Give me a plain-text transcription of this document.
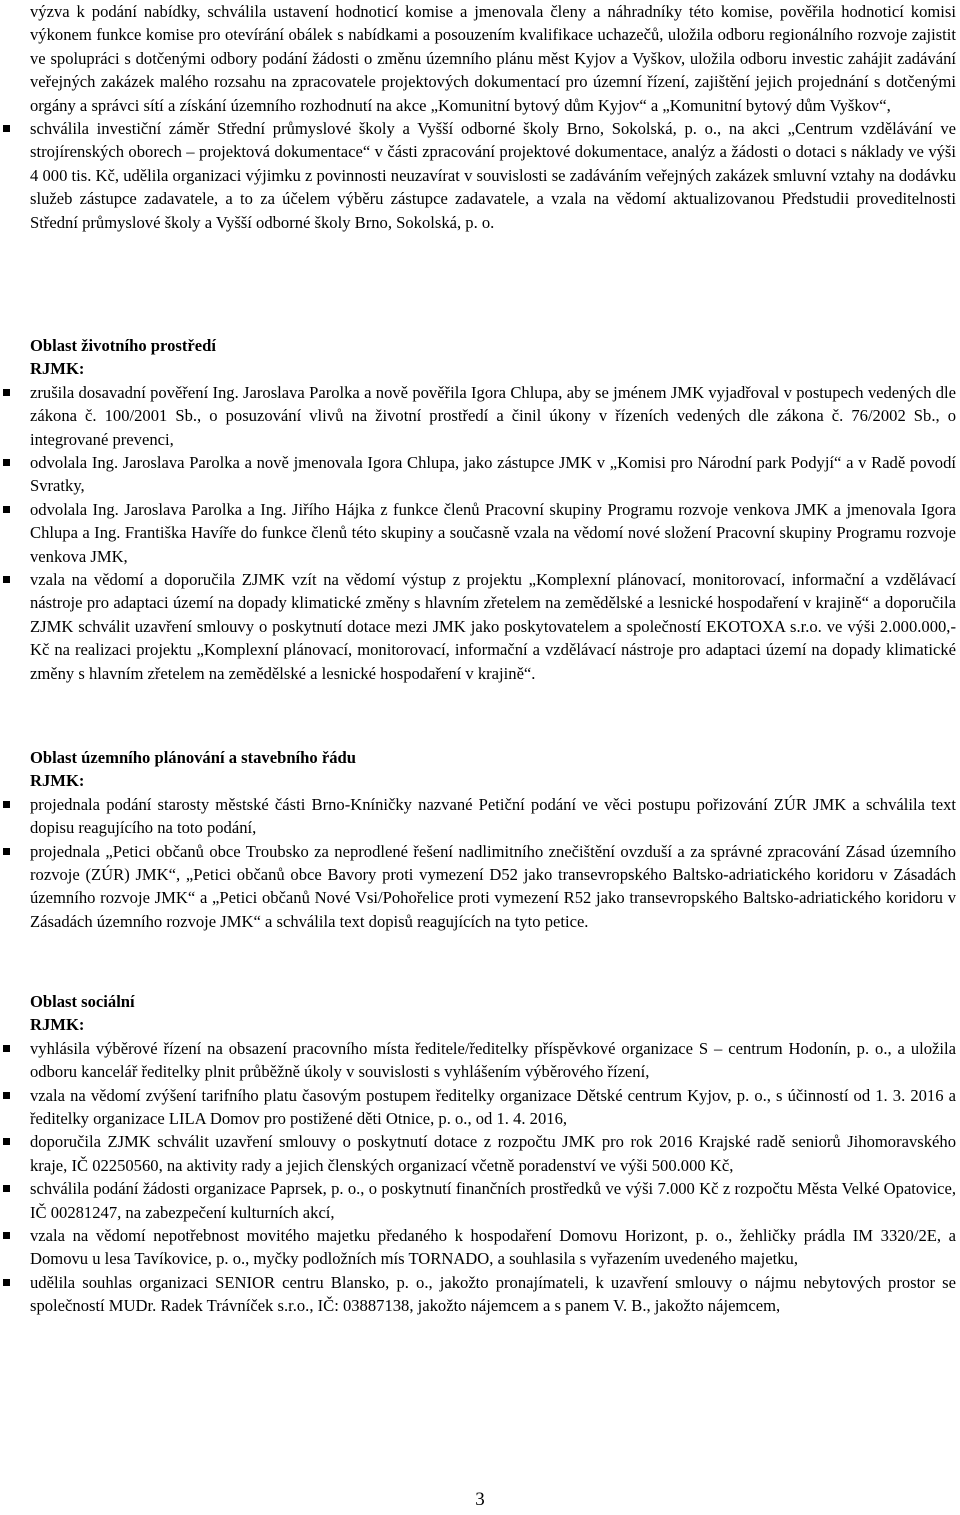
výzva k podání nabídky, schválila ustavení hodnoticí komise a jmenovala členy a náhradníky této komise, pověřila hodnoticí komisi výkonem funkce komise pro otevírání obálek s nabídkami a posouzením kvalifikace uchazečů, uložila odboru regionálního rozvoje zajistit ve spolupráci s dotčenými odbory podání žádosti o změnu územního plánu měst Kyjov a Vyškov, uložila odboru investic zahájit zadávání veřejných zakázek malého rozsahu na zpracovatele projektových dokumentací pro územní řízení, zajištění jejich projednání s dotčenými orgány a správci sítí a získání územního rozhodnutí na akce „Komunitní bytový dům Kyjov“ a „Komunitní bytový dům Vyškov“,

schválila investiční záměr Střední průmyslové školy a Vyšší odborné školy Brno, Sokolská, p. o., na akci „Centrum vzdělávání ve strojírenských oborech – projektová dokumentace“ v části zpracování projektové dokumentace, analýz a žádosti o dotaci s náklady ve výši 4 000 tis. Kč, udělila organizaci výjimku z povinnosti neuzavírat v souvislosti se zadáváním veřejných zakázek smluvní vztahy na dodávku služeb zástupce zadavatele, a to za účelem výběru zástupce zadavatele, a vzala na vědomí aktualizovanou Předstudii proveditelnosti Střední průmyslové školy a Vyšší odborné školy Brno, Sokolská, p. o.

Oblast životního prostředí

RJMK:

zrušila dosavadní pověření Ing. Jaroslava Parolka a nově pověřila Igora Chlupa, aby se jménem JMK vyjadřoval v postupech vedených dle zákona č. 100/2001 Sb., o posuzování vlivů na životní prostředí a činil úkony v řízeních vedených dle zákona č. 76/2002 Sb., o integrované prevenci,
odvolala Ing. Jaroslava Parolka a nově jmenovala Igora Chlupa, jako zástupce JMK v „Komisi pro Národní park Podyjí“ a v Radě povodí Svratky,
odvolala Ing. Jaroslava Parolka a Ing. Jiřího Hájka z funkce členů Pracovní skupiny Programu rozvoje venkova JMK a jmenovala Igora Chlupa a Ing. Františka Havíře do funkce členů této skupiny a současně vzala na vědomí nové složení Pracovní skupiny Programu rozvoje venkova JMK,
vzala na vědomí a doporučila ZJMK vzít na vědomí výstup z projektu „Komplexní plánovací, monitorovací, informační a vzdělávací nástroje pro adaptaci území na dopady klimatické změny s hlavním zřetelem na zemědělské a lesnické hospodaření v krajině“ a doporučila ZJMK schválit uzavření smlouvy o poskytnutí dotace mezi JMK jako poskytovatelem a společností EKOTOXA s.r.o. ve výši 2.000.000,- Kč na realizaci projektu „Komplexní plánovací, monitorovací, informační a vzdělávací nástroje pro adaptaci území na dopady klimatické změny s hlavním zřetelem na zemědělské a lesnické hospodaření v krajině“.

Oblast územního plánování a stavebního řádu

RJMK:

projednala podání starosty městské části Brno-Kníničky nazvané Petiční podání ve věci postupu pořizování ZÚR JMK a schválila text dopisu reagujícího na toto podání,
projednala „Petici občanů obce Troubsko za neprodlené řešení nadlimitního znečištění ovzduší a za správné zpracování Zásad územního rozvoje (ZÚR) JMK“, „Petici občanů obce Bavory proti vymezení D52 jako transevropského Baltsko-adriatického koridoru v Zásadách územního rozvoje JMK“ a „Petici občanů Nové Vsi/Pohořelice proti vymezení R52 jako transevropského Baltsko-adriatického koridoru v Zásadách územního rozvoje JMK“ a schválila text dopisů reagujících na tyto petice.

Oblast sociální

RJMK:

vyhlásila výběrové řízení na obsazení pracovního místa ředitele/ředitelky příspěvkové organizace S – centrum Hodonín, p. o., a uložila odboru kancelář ředitelky plnit průběžně úkoly v souvislosti s vyhlášením výběrového řízení,
vzala na vědomí zvýšení tarifního platu časovým postupem ředitelky organizace Dětské centrum Kyjov, p. o., s účinností od 1. 3. 2016 a ředitelky organizace LILA Domov pro postižené děti Otnice, p. o., od 1. 4. 2016,
doporučila ZJMK schválit uzavření smlouvy o poskytnutí dotace z rozpočtu JMK pro rok 2016 Krajské radě seniorů Jihomoravského kraje, IČ 02250560, na aktivity rady a jejich členských organizací včetně poradenství ve výši 500.000 Kč,
schválila podání žádosti organizace Paprsek, p. o., o poskytnutí finančních prostředků ve výši 7.000 Kč z rozpočtu Města Velké Opatovice, IČ 00281247, na zabezpečení kulturních akcí,
vzala na vědomí nepotřebnost movitého majetku předaného k hospodaření Domovu Horizont, p. o., žehličky prádla IM 3320/2E, a Domovu u lesa Tavíkovice, p. o., myčky podložních mís TORNADO, a souhlasila s vyřazením uvedeného majetku,
udělila souhlas organizaci SENIOR centru Blansko, p. o., jakožto pronajímateli, k uzavření smlouvy o nájmu nebytových prostor se společností MUDr. Radek Trávníček s.r.o., IČ: 03887138, jakožto nájemcem a s panem V. B., jakožto nájemcem,
3
